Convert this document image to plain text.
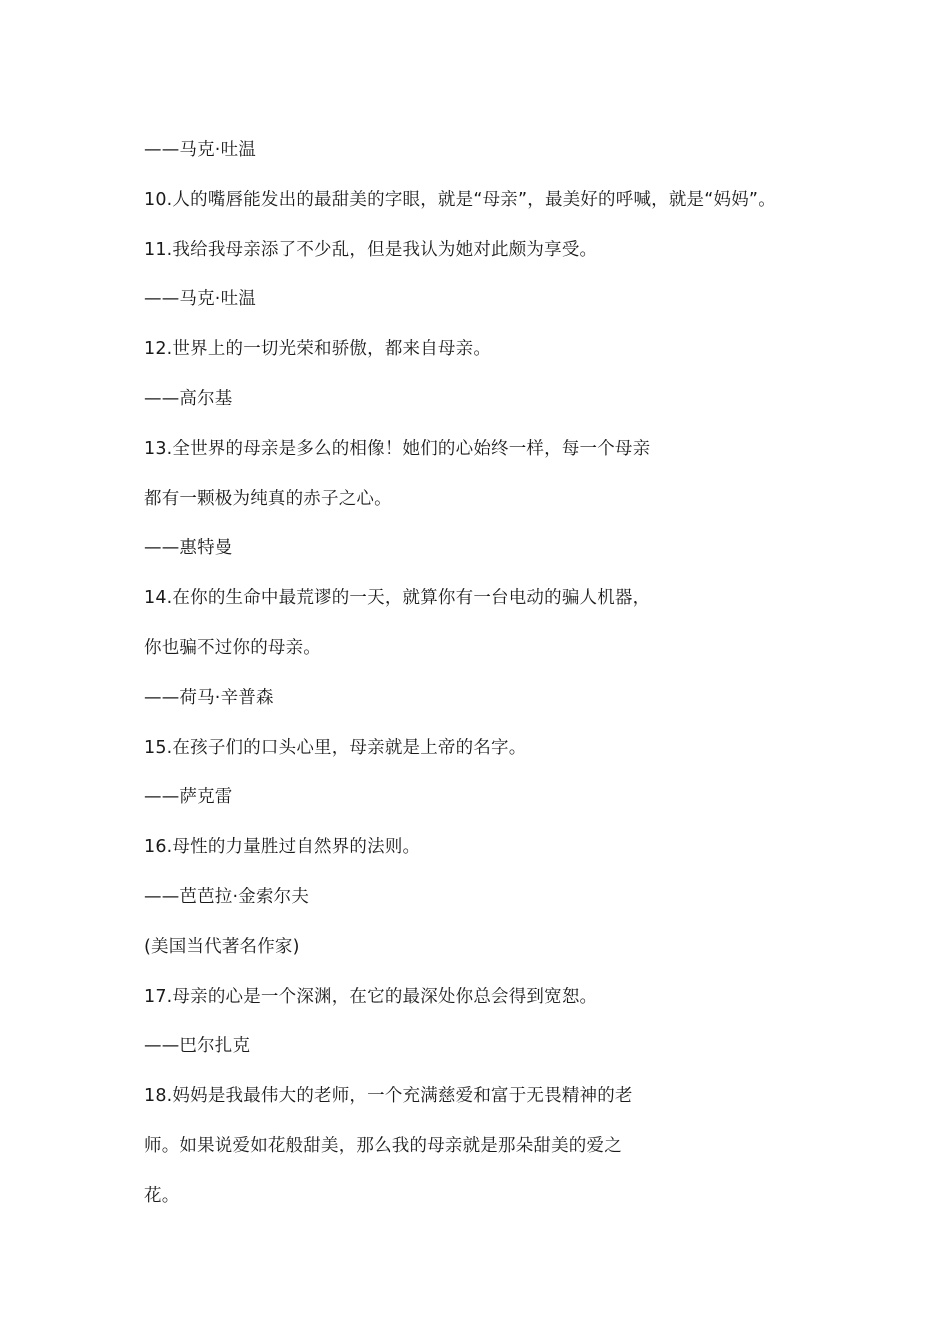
——马克·吐温
10.人的嘴唇能发出的最甜美的字眼，就是“母亲”，最美好的呼喊，就是“妈妈”。
11.我给我母亲添了不少乱，但是我认为她对此颇为享受。
——马克·吐温
12.世界上的一切光荣和骄傲，都来自母亲。
——高尔基
13.全世界的母亲是多么的相像！她们的心始终一样，每一个母亲
都有一颗极为纯真的赤子之心。
——惠特曼
14.在你的生命中最荒谬的一天，就算你有一台电动的骗人机器，
你也骗不过你的母亲。
——荷马·辛普森
15.在孩子们的口头心里，母亲就是上帝的名字。
——萨克雷
16.母性的力量胜过自然界的法则。
——芭芭拉·金索尔夫
(美国当代著名作家)
17.母亲的心是一个深渊，在它的最深处你总会得到宽恕。
——巴尔扎克
18.妈妈是我最伟大的老师，一个充满慈爱和富于无畏精神的老
师。如果说爱如花般甜美，那么我的母亲就是那朵甜美的爱之
花。
